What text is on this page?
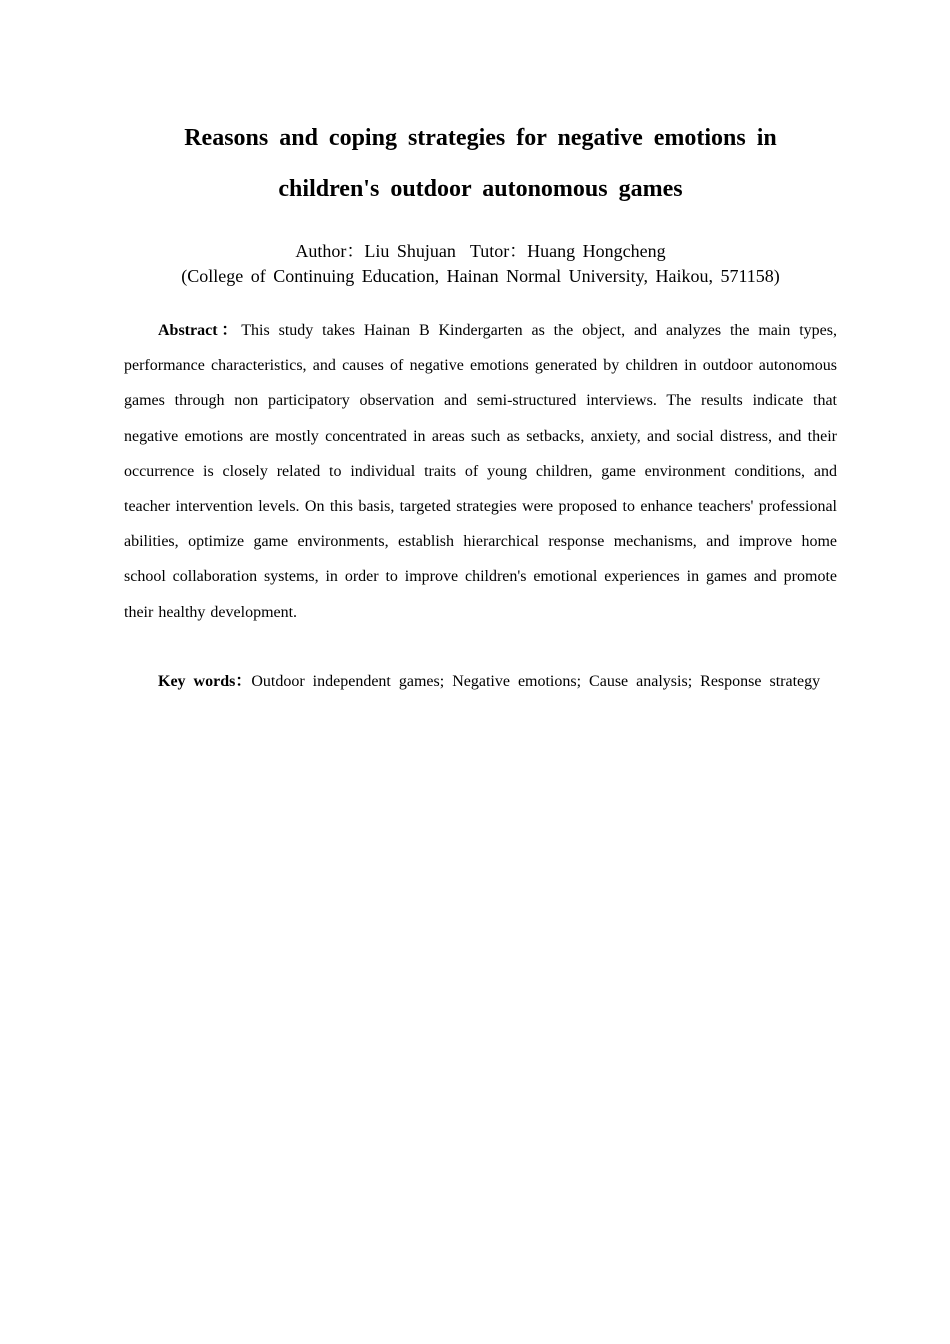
Reasons and coping strategies for negative emotions in
children's outdoor autonomous games

Author：Liu Shujuan Tutor：Huang Hongcheng

(College of Continuing Education, Hainan Normal University, Haikou, 571158)

Abstract：This study takes Hainan B Kindergarten as the object, and analyzes the main types, performance characteristics, and causes of negative emotions generated by children in outdoor autonomous games through non participatory observation and semi-structured interviews. The results indicate that negative emotions are mostly concentrated in areas such as setbacks, anxiety, and social distress, and their occurrence is closely related to individual traits of young children, game environment conditions, and teacher intervention levels. On this basis, targeted strategies were proposed to enhance teachers' professional abilities, optimize game environments, establish hierarchical response mechanisms, and improve home school collaboration systems, in order to improve children's emotional experiences in games and promote their healthy development.

Key words：Outdoor independent games; Negative emotions; Cause analysis; Response strategy
